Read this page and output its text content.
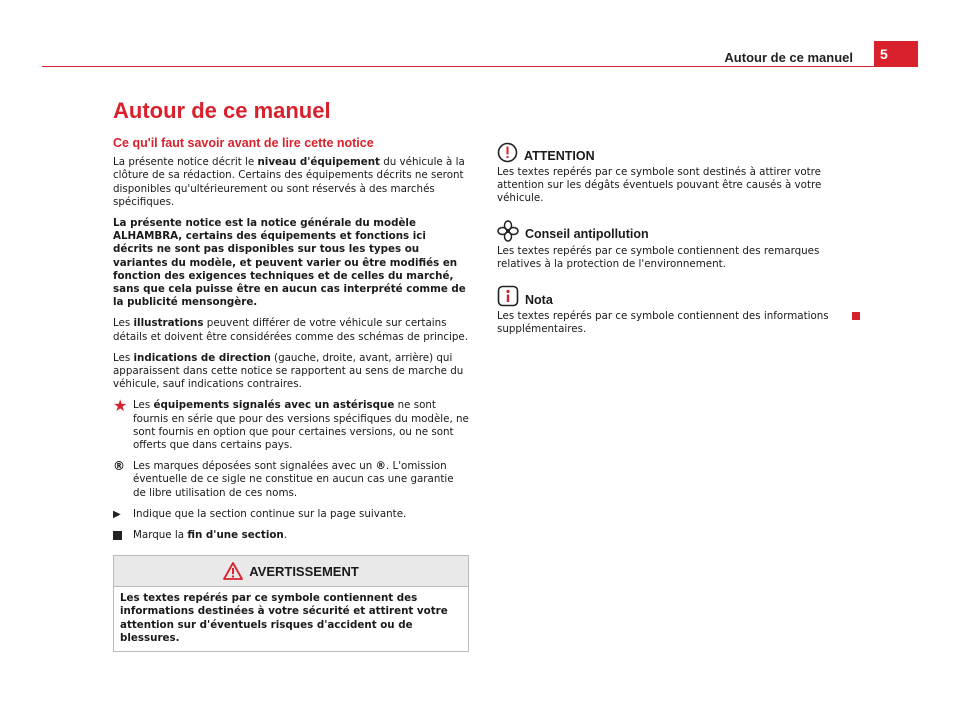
Autour de ce manuel	5
Autour de ce manuel
Ce qu'il faut savoir avant de lire cette notice

La présente notice décrit le niveau d'équipement du véhicule à la clôture de sa rédaction. Certains des équipements décrits ne seront disponibles qu'ultérieurement ou sont réservés à des marchés spécifiques.

La présente notice est la notice générale du modèle ALHAMBRA, certains des équipements et fonctions ici décrits ne sont pas disponibles sur tous les types ou variantes du modèle, et peuvent varier ou être modifiés en fonction des exigences techniques et de celles du marché, sans que cela puisse être en aucun cas interprété comme de la publicité mensongère.

Les illustrations peuvent différer de votre véhicule sur certains détails et doivent être considérées comme des schémas de principe.

Les indications de direction (gauche, droite, avant, arrière) qui apparaissent dans cette notice se rapportent au sens de marche du véhicule, sauf indications contraires.

★ Les équipements signalés avec un astérisque ne sont fournis en série que pour des versions spécifiques du modèle, ne sont fournis en option que pour certaines versions, ou ne sont offerts que dans certains pays.
® Les marques déposées sont signalées avec un ®. L'omission éventuelle de ce sigle ne constitue en aucun cas une garantie de libre utilisation de ces noms.
▶	Indique que la section continue sur la page suivante.
Marque la fin d'une section.
AVERTISSEMENT
Les textes repérés par ce symbole contiennent des informations destinées à votre sécurité et attirent votre attention sur d'éventuels risques d'accident ou de blessures.
ATTENTION
Les textes repérés par ce symbole sont destinés à attirer votre attention sur les dégâts éventuels pouvant être causés à votre véhicule.
Conseil antipollution
Les textes repérés par ce symbole contiennent des remarques relatives à la protection de l'environnement.
Nota
Les textes repérés par ce symbole contiennent des informations supplémentaires.
